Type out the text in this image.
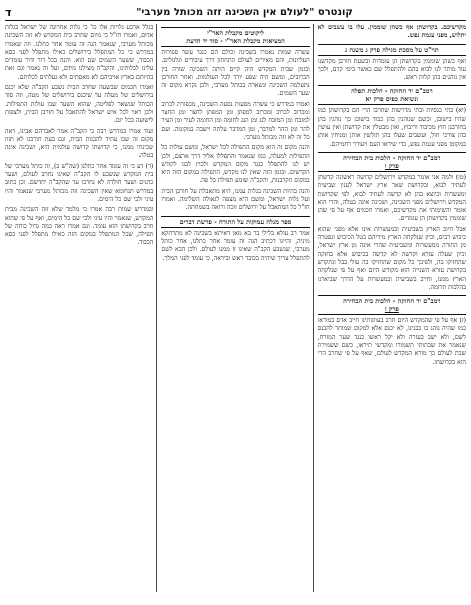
קונטרס "לעולם אין השכינה זזה מכותל מערבי"
ד

מקדשיכם. בקדושתן אף כשהן שוממין. עלו בו עשבים לא יתלוש, מפני עגמת נפש.

תוי"ט על מסכת מגילה פרק ג משנה ג

ואף כשהן שוממין בקדושתן הן עומדות ובשעת חורבן מקדשנו עוד מותר לנו לבוא בהם ולהתפלל שם כאשר בימי קדם, ולכך אין נוהגים בהן קלות ראש.

רמב"ם יד החזקה - הלכות תפלה
ונשיאת כפים פרק יא

(יא) בתי כנסיות ובתי מדרשות שחרבו הרי הם בקדושתן כמו שהיו בישובן, וכשם שנוהגין בהן כבוד בישובן כך נוהגין בהן בחורבנן חוץ מכיבוד וריבוץ, ואין מבטלין את קדושתן ואין עושין בהן צורכי חול, ועשבים שעלו בהן תולשין אותן ומניחין אותן במקומן מפני עגמת נפש, כדי שיראו העם ויעורר רחמיהם.

רמב"ם יד החזקה - הלכות בית הבחירה
פרק ו

(טז) ולמה אני אומר במקדש וירושלים קדושה ראשונה קדשתן לעתיד לבוא, ובקדושת שאר ארץ ישראל לענין שביעית ומעשרות וכיוצא בהן לא קדשה לעתיד לבוא, לפי שקדושת המקדש וירושלים מפני השכינה, ושכינה אינה בטלה, והרי הוא אומר והשימותי את מקדשיכם, ואמרו חכמים אף על פי שהן שוממין בקדושתן הן עומדים.

אבל חיוב הארץ בשביעית ובמעשרות אינו אלא מפני שהוא כיבוש רבים, וכיון שנלקחה הארץ מידיהם בטל הכיבוש ונפטרה מן התורה ממעשרות ומשביעית שהרי אינה מן ארץ ישראל, וכיון שעלה עזרא וקדשה לא קדשה בכיבוש אלא בחזקה שהחזיקו בה, ולפיכך כל מקום שהחזיקו בה עולי בבל ונתקדש בקדושת עזרא השנייה הוא מקודש היום ואף על פי שנלקחה הארץ ממנו, וחייב בשביעית ובמעשרות על הדרך שביארנו בהלכות תרומה.

רמב"ם יד החזקה - הלכות בית הבחירה
פרק ז

(ז) אף על פי שהמקדש היום חרב בעוונותינו חייב אדם במוראו כמו שהיה נוהג בו בבנינו, לא יכנס אלא למקום שמותר להכנס לשם, ולא ישב בעזרה ולא יקל ראשו כנגד שער המזרח, שנאמר את שבתותי תשמורו ומקדשי תיראו, כשם ששמירת שבת לעולם כך מורא המקדש לעולם, שאף על פי שחרב הרי הוא בקדושתו.

ליקוטים מקבלת האר"י
המציאות מקבלת האר"י - סוד יד הדעת

עשרה שמות נאמרו בשכינה וכולם הם כנגד עשר ספירות העליונות, והם מאירים לעולם התחתון דרך עיבורים וגלגולים. ובזמן שבית המקדש היה קיים היתה השכינה שורה בין הכרובים, ומשם היה שפע יורד לכל העולמות. ואחר החורבן נתעלמה השכינה ונשארה בכותל מערבי, ולכן נקרא מקום זה שער השמים.

ואמרו במדרש כי עשרה מסעות נסעה השכינה, מכפורת לכרוב ומכרוב לכרוב ומכרוב למפתן ומן המפתן לחצר ומן החצר למזבח ומן המזבח לגג ומן הגג לחומה ומן החומה לעיר ומן העיר להר ומן ההר למדבר, ומן המדבר עלתה וישבה במקומה. ועם כל זה לא זזה מכותל מערבי.

והנה מקום זה הוא מקום התפילה לכל ישראל, ומשם עולות כל התפילות למעלה, כמו שנאמר והתפללו אליך דרך ארצם, ולכן יש לנו להתפלל כנגד מקום המקדש ולכוין לבנו לקודש הקדשים. ובזמן הזה שאין לנו מקדש, התפילה במקום הזה היא במקום הקרבנות, והקב"ה שומע תפילת כל פה.

והנה בהיות השכינה בגלות עמנו, היא מתאבלת על חורבן הבית ועל גלות ישראל, ומשם היא מצפה לגאולה השלימה. ואמרו חז"ל כל המתאבל על ירושלים זוכה ורואה בשמחתה.

ספר מגלה עמוקות על התורה - פרשת דברים

אמר רב עולא בלילי בר בא מאן דאיתא בשכינה לא מתרחקא מיניה, והיינו דכתיב הנה זה עומד אחר כתלנו, אחר כותל מערבי, שנשבע הקב"ה שאינו זז ממנו לעולם. ולכן הבא לשם להתפלל צריך שיהיה בכובד ראש וביראה, כי עומד לפני המלך.

בגלל ארבע גלויות אלו כו' כי גלות אחרונה של ישראל בגלות אדום, ואמרו חז"ל כי מיום שחרב בית המקדש לא זזה השכינה מכותל מערבי, שנאמר הנה זה עומד אחר כתלנו. וזה שאמרו במדרש כי כל המתפלל בירושלים כאילו מתפלל לפני כסא הכבוד, ששער השמים שם הוא. והנה בכל דור ודור עומדים עלינו לכלותינו, והקב"ה מצילנו מידם, ועל זה נאמר וגם זאת בהיותם בארץ אויביהם לא מאסתים ולא געלתים לכלותם.

ואמרו חכמים שבשעה שחרב הבית נשבע הקב"ה שלא יכנס בירושלים של מעלה עד שיכנס בירושלים של מטה, וזה סוד הכותל שנשאר לפליטה, שהוא השער שבו עולות התפילות. ולכן ראוי לכל איש ישראל להתאבל על חורבן הבית, ולצפות לישועה בכל יום.

ועוד אמרו במדרש רבה כי הקב"ה אמר לאברהם אבינו, ראה מקום זה שבו עתיד להבנות הבית, וגם בעת חורבנו לא תזוז שכינתי ממנו, כי קדושתו קדושה עולמית היא, ושכינה אינה בטלה.

(ד) דע כי זה עומד אחר כתלנו (שה"ש ב), זה כותל מערבי של בית המקדש שנשבע לו הקב"ה שאינו נחרב לעולם, ושער כהנים ושער חולדה לא נחרבו עד שהקב"ה יחדשם. וכן כתוב במדרש תנחומא שאין השכינה זזה מכותל מערבי שנאמר והיו עיני ולבי שם כל הימים.

ובמדרש שמות רבה אמרו כי מלמד שלא זזה השכינה מבית המקדש, שנאמר והיו עיני ולבי שם כל הימים, ואף על פי שהוא חרב בקדושתו הוא עומד. וגם אמרו ראה כמה גדול כוחה של תפילה, שכל המתפלל במקום הזה כאילו מתפלל לפני כסא הכבוד.
